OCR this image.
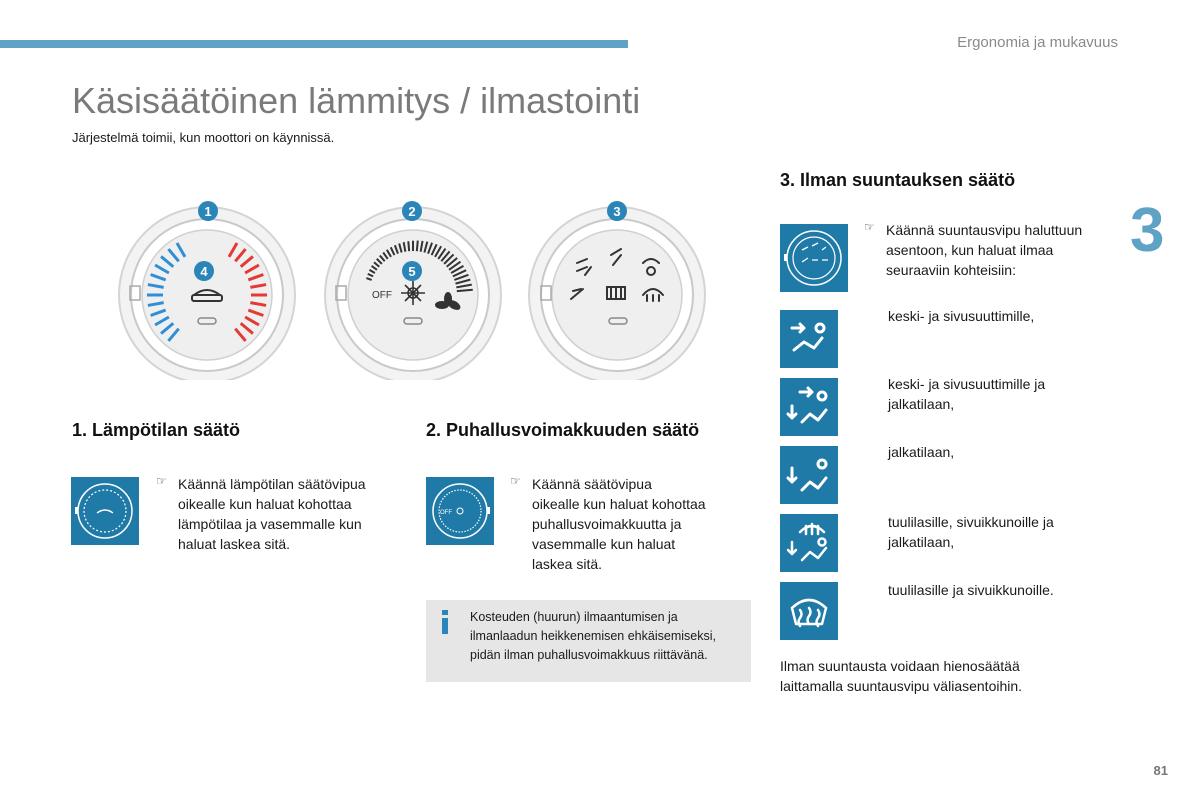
Ergonomia ja mukavuus
3
Käsisäätöinen lämmitys / ilmastointi
Järjestelmä toimii, kun moottori on käynnissä.
1
4
OFF
2
5
3
1. Lämpötilan säätö
☞ Käännä lämpötilan säätövipua
oikealle kun haluat kohottaa
lämpötilaa ja vasemmalle kun
haluat laskea sitä.
2. Puhallusvoimakkuuden säätö
OFF
☞ Käännä säätövipua
oikealle kun haluat kohottaa
puhallusvoimakkuutta ja
vasemmalle kun haluat
laskea sitä.
Kosteuden (huurun) ilmaantumisen ja
ilmanlaadun heikkenemisen ehkäisemiseksi,
pidän ilman puhallusvoimakkuus riittävänä.
3. Ilman suuntauksen säätö
☞ Käännä suuntausvipu haluttuun
asentoon, kun haluat ilmaa
seuraaviin kohteisiin:
keski- ja sivusuuttimille,
keski- ja sivusuuttimille ja
jalkatilaan,
jalkatilaan,
tuulilasille, sivuikkunoille ja
jalkatilaan,
tuulilasille ja sivuikkunoille.
Ilman suuntausta voidaan hienosäätää
laittamalla suuntausvipu väliasentoihin.
81
